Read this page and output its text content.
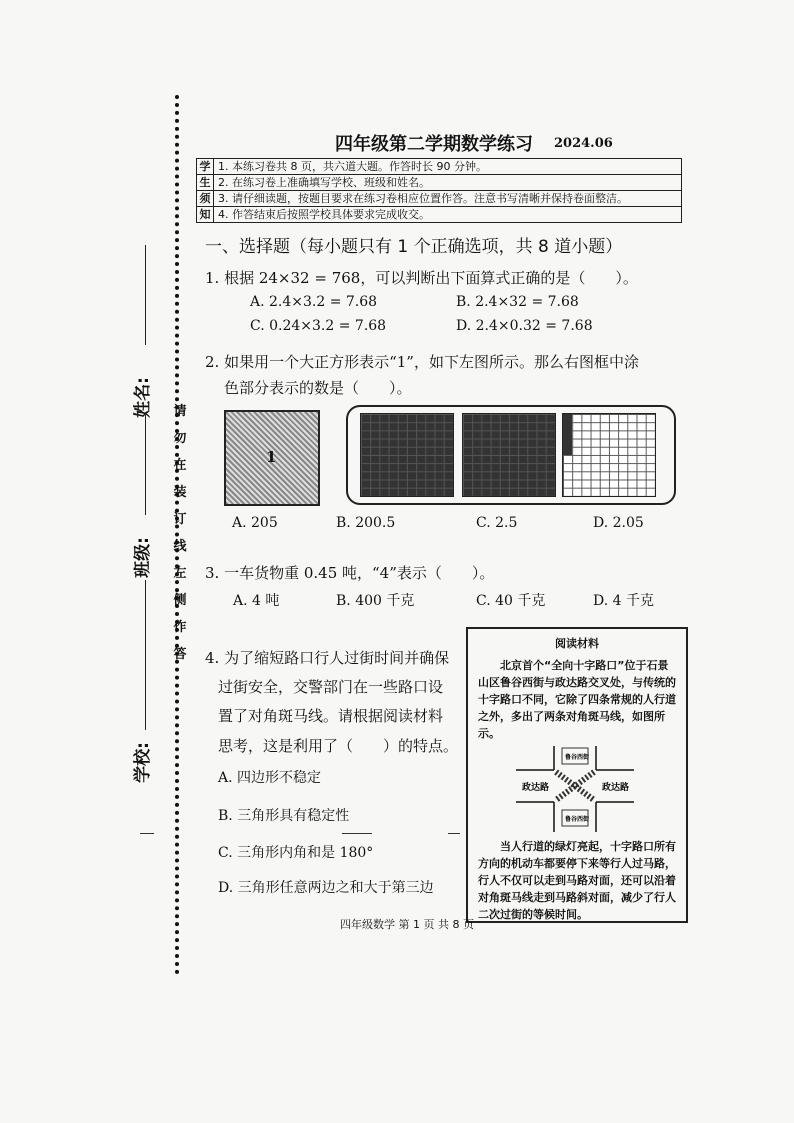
姓名:
班级:
学校:
请
勿
在
装
订
线
左
侧
作
答
四年级第二学期数学练习 2024.06
学	1. 本练习卷共 8 页，共六道大题。作答时长 90 分钟。
生	2. 在练习卷上准确填写学校、班级和姓名。
须	3. 请仔细读题，按题目要求在练习卷相应位置作答。注意书写清晰并保持卷面整洁。
知	4. 作答结束后按照学校具体要求完成收交。
一、选择题（每小题只有 1 个正确选项，共 8 道小题）
1. 根据 24×32 = 768，可以判断出下面算式正确的是（　　）。
A. 2.4×3.2 = 7.68	B. 2.4×32 = 7.68
C. 0.24×3.2 = 7.68	D. 2.4×0.32 = 7.68
2. 如果用一个大正方形表示“1”，如下左图所示。那么右图框中涂
色部分表示的数是（　　）。
1
A. 205	B. 200.5	C. 2.5	D. 2.05
3. 一车货物重 0.45 吨，“4”表示（　　）。
A. 4 吨	B. 400 千克	C. 40 千克	D. 4 千克
4. 为了缩短路口行人过街时间并确保
过街安全，交警部门在一些路口设
置了对角斑马线。请根据阅读材料
思考，这是利用了（　　）的特点。
A. 四边形不稳定
B. 三角形具有稳定性
C. 三角形内角和是 180°
D. 三角形任意两边之和大于第三边
阅读材料
北京首个“全向十字路口”位于石景山区鲁谷西街与政达路交叉处，与传统的十字路口不同，它除了四条常规的人行道之外，多出了两条对角斑马线，如图所示。
政达路	政达路
鲁谷西街
鲁谷西街
当人行道的绿灯亮起，十字路口所有方向的机动车都要停下来等行人过马路，行人不仅可以走到马路对面，还可以沿着对角斑马线走到马路斜对面，减少了行人二次过街的等候时间。
四年级数学 第 1 页 共 8 页
